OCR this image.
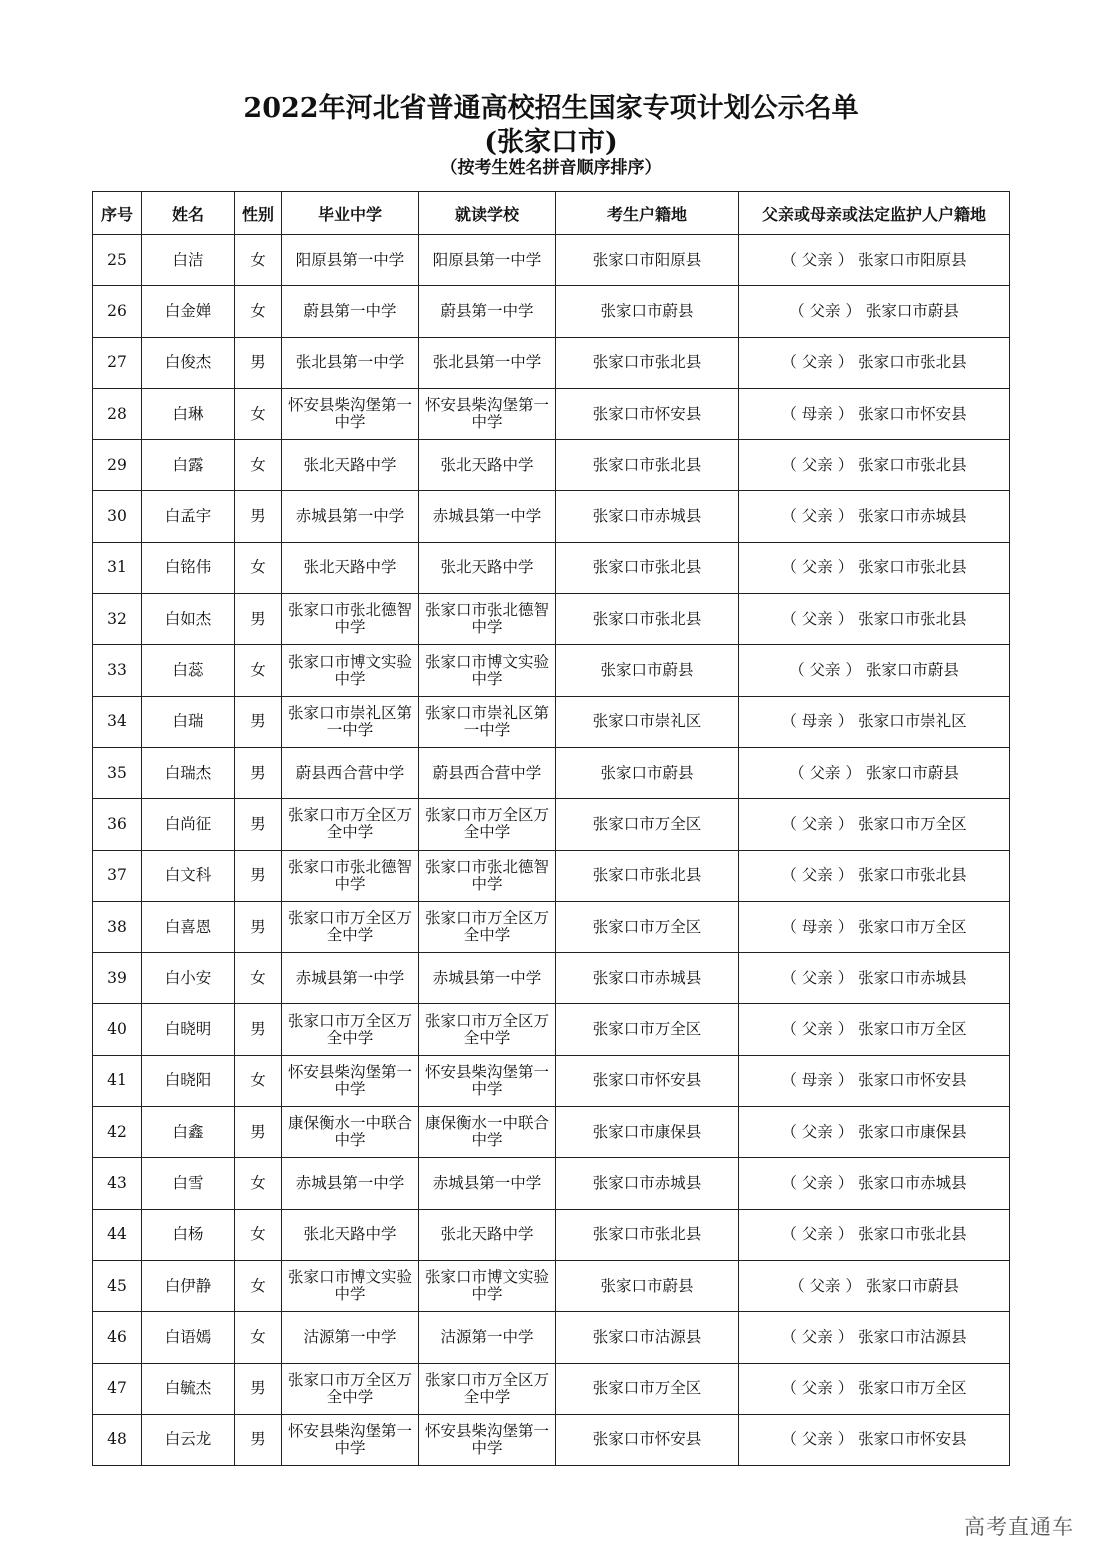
2022年河北省普通高校招生国家专项计划公示名单
(张家口市)
（按考生姓名拼音顺序排序）
序号	姓名	性别	毕业中学	就读学校	考生户籍地	父亲或母亲或法定监护人户籍地
25	白洁	女	阳原县第一中学	阳原县第一中学	张家口市阳原县	（ 父亲 ） 张家口市阳原县
26	白金婵	女	蔚县第一中学	蔚县第一中学	张家口市蔚县	（ 父亲 ） 张家口市蔚县
27	白俊杰	男	张北县第一中学	张北县第一中学	张家口市张北县	（ 父亲 ） 张家口市张北县
28	白琳	女	怀安县柴沟堡第一中学	怀安县柴沟堡第一中学	张家口市怀安县	（ 母亲 ） 张家口市怀安县
29	白露	女	张北天路中学	张北天路中学	张家口市张北县	（ 父亲 ） 张家口市张北县
30	白孟宇	男	赤城县第一中学	赤城县第一中学	张家口市赤城县	（ 父亲 ） 张家口市赤城县
31	白铭伟	女	张北天路中学	张北天路中学	张家口市张北县	（ 父亲 ） 张家口市张北县
32	白如杰	男	张家口市张北德智中学	张家口市张北德智中学	张家口市张北县	（ 父亲 ） 张家口市张北县
33	白蕊	女	张家口市博文实验中学	张家口市博文实验中学	张家口市蔚县	（ 父亲 ） 张家口市蔚县
34	白瑞	男	张家口市崇礼区第一中学	张家口市崇礼区第一中学	张家口市崇礼区	（ 母亲 ） 张家口市崇礼区
35	白瑞杰	男	蔚县西合营中学	蔚县西合营中学	张家口市蔚县	（ 父亲 ） 张家口市蔚县
36	白尚征	男	张家口市万全区万全中学	张家口市万全区万全中学	张家口市万全区	（ 父亲 ） 张家口市万全区
37	白文科	男	张家口市张北德智中学	张家口市张北德智中学	张家口市张北县	（ 父亲 ） 张家口市张北县
38	白喜恩	男	张家口市万全区万全中学	张家口市万全区万全中学	张家口市万全区	（ 母亲 ） 张家口市万全区
39	白小安	女	赤城县第一中学	赤城县第一中学	张家口市赤城县	（ 父亲 ） 张家口市赤城县
40	白晓明	男	张家口市万全区万全中学	张家口市万全区万全中学	张家口市万全区	（ 父亲 ） 张家口市万全区
41	白晓阳	女	怀安县柴沟堡第一中学	怀安县柴沟堡第一中学	张家口市怀安县	（ 母亲 ） 张家口市怀安县
42	白鑫	男	康保衡水一中联合中学	康保衡水一中联合中学	张家口市康保县	（ 父亲 ） 张家口市康保县
43	白雪	女	赤城县第一中学	赤城县第一中学	张家口市赤城县	（ 父亲 ） 张家口市赤城县
44	白杨	女	张北天路中学	张北天路中学	张家口市张北县	（ 父亲 ） 张家口市张北县
45	白伊静	女	张家口市博文实验中学	张家口市博文实验中学	张家口市蔚县	（ 父亲 ） 张家口市蔚县
46	白语嫣	女	沽源第一中学	沽源第一中学	张家口市沽源县	（ 父亲 ） 张家口市沽源县
47	白毓杰	男	张家口市万全区万全中学	张家口市万全区万全中学	张家口市万全区	（ 父亲 ） 张家口市万全区
48	白云龙	男	怀安县柴沟堡第一中学	怀安县柴沟堡第一中学	张家口市怀安县	（ 父亲 ） 张家口市怀安县
高考直通车
